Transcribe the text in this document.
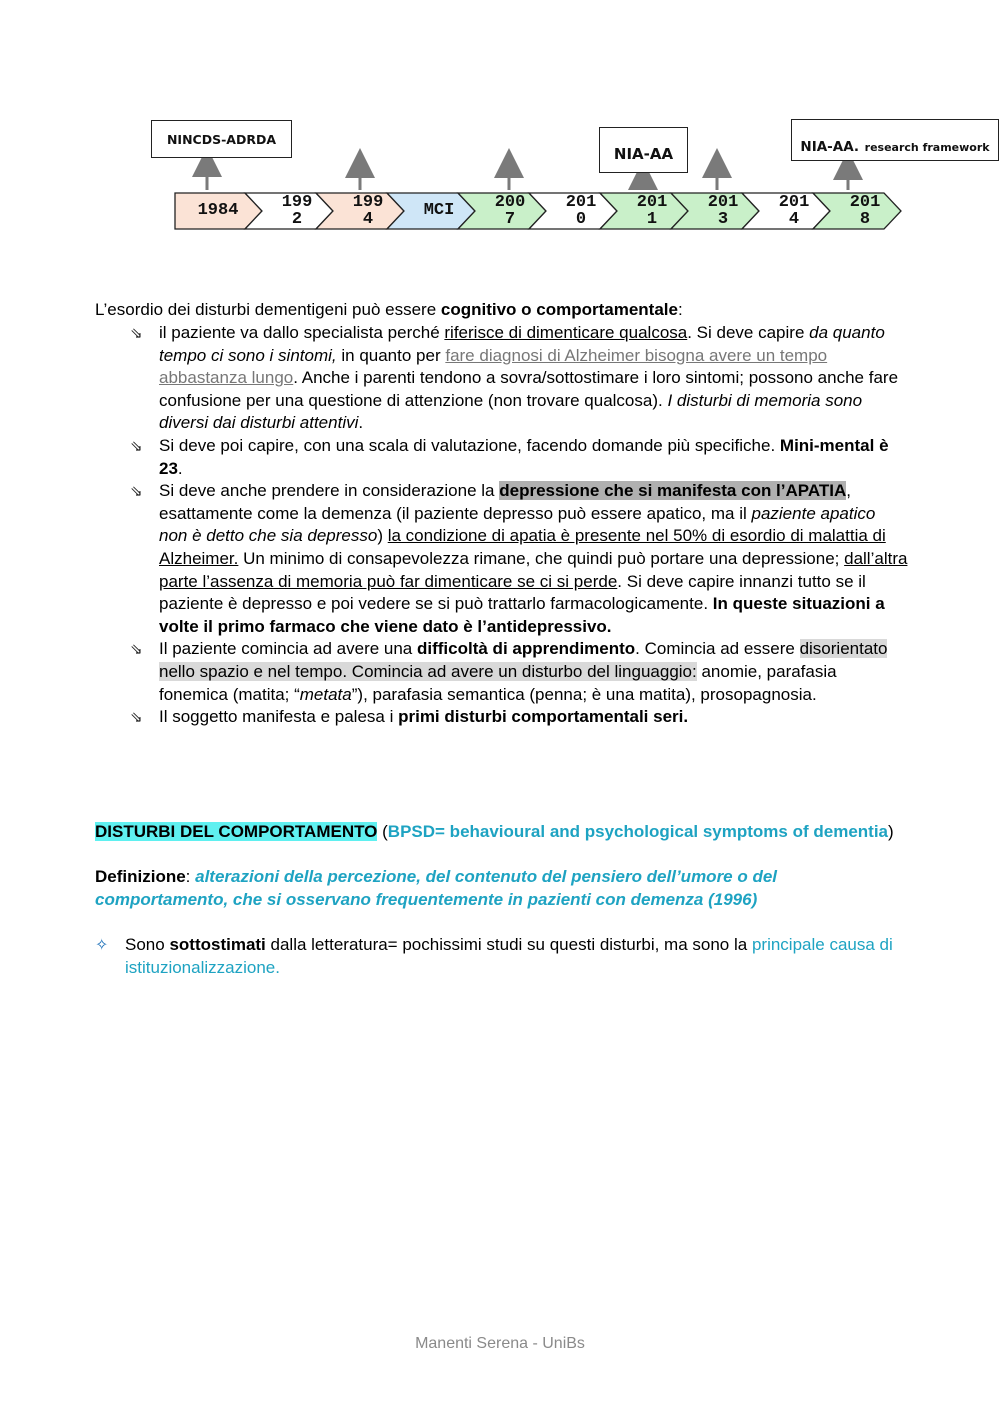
1984	199
2
199
4	MCI	200
7
201
0
201
1
201
3
201
4
201
8
NINCDS-ADRDA
NIA-AA	NIA-AA.
research framework
L’esordio dei disturbi dementigeni può essere cognitivo o comportamentale:
⇘ il paziente va dallo specialista perché riferisce di dimenticare qualcosa. Si deve capire da quanto tempo ci sono i sintomi, in quanto per fare diagnosi di Alzheimer bisogna avere un tempo abbastanza lungo. Anche i parenti tendono a sovra/sottostimare i loro sintomi; possono anche fare confusione per una questione di attenzione (non trovare qualcosa). I disturbi di memoria sono diversi dai disturbi attentivi.
⇘ Si deve poi capire, con una scala di valutazione, facendo domande più specifiche. Mini-mental è 23.
⇘ Si deve anche prendere in considerazione la depressione che si manifesta con l’APATIA, esattamente come la demenza (il paziente depresso può essere apatico, ma il paziente apatico non è detto che sia depresso) la condizione di apatia è presente nel 50% di esordio di malattia di Alzheimer. Un minimo di consapevolezza rimane, che quindi può portare una depressione; dall’altra parte l’assenza di memoria può far dimenticare se ci si perde. Si deve capire innanzi tutto se il paziente è depresso e poi vedere se si può trattarlo farmacologicamente. In queste situazioni a volte il primo farmaco che viene dato è l’antidepressivo.
⇘ Il paziente comincia ad avere una difficoltà di apprendimento. Comincia ad essere disorientato nello spazio e nel tempo. Comincia ad avere un disturbo del linguaggio: anomie, parafasia fonemica (matita; “metata”), parafasia semantica (penna; è una matita), prosopagnosia.
⇘ Il soggetto manifesta e palesa i primi disturbi comportamentali seri.
DISTURBI DEL COMPORTAMENTO (BPSD= behavioural and psychological symptoms of dementia)
Definizione: alterazioni della percezione, del contenuto del pensiero dell’umore o del comportamento, che si osservano frequentemente in pazienti con demenza (1996)
✧ Sono sottostimati dalla letteratura= pochissimi studi su questi disturbi, ma sono la principale causa di istituzionalizzazione.
Manenti Serena - UniBs
